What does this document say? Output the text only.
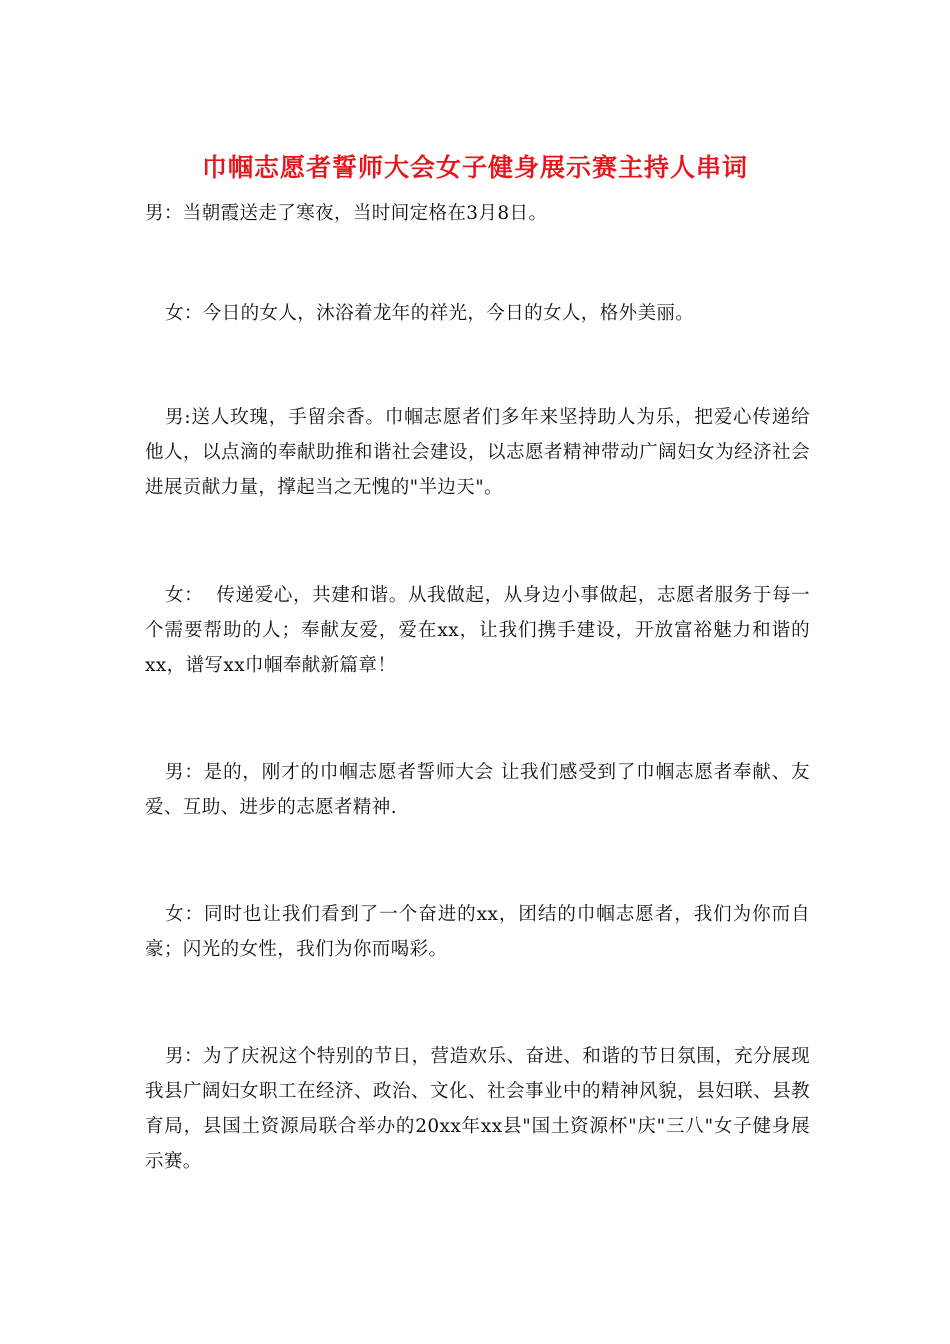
巾帼志愿者誓师大会女子健身展示赛主持人串词

男：当朝霞送走了寒夜，当时间定格在3月8日。

女：今日的女人，沐浴着龙年的祥光，今日的女人，格外美丽。

男:送人玫瑰，手留余香。巾帼志愿者们多年来坚持助人为乐，把爱心传递给他人，以点滴的奉献助推和谐社会建设，以志愿者精神带动广阔妇女为经济社会进展贡献力量，撑起当之无愧的"半边天"。

女：  传递爱心，共建和谐。从我做起，从身边小事做起，志愿者服务于每一个需要帮助的人；奉献友爱，爱在xx，让我们携手建设，开放富裕魅力和谐的xx，谱写xx巾帼奉献新篇章！

男：是的，刚才的巾帼志愿者誓师大会 让我们感受到了巾帼志愿者奉献、友爱、互助、进步的志愿者精神.

女：同时也让我们看到了一个奋进的xx，团结的巾帼志愿者，我们为你而自豪；闪光的女性，我们为你而喝彩。

男：为了庆祝这个特别的节日，营造欢乐、奋进、和谐的节日氛围，充分展现我县广阔妇女职工在经济、政治、文化、社会事业中的精神风貌，县妇联、县教育局，县国土资源局联合举办的20xx年xx县"国土资源杯"庆"三八"女子健身展示赛。
